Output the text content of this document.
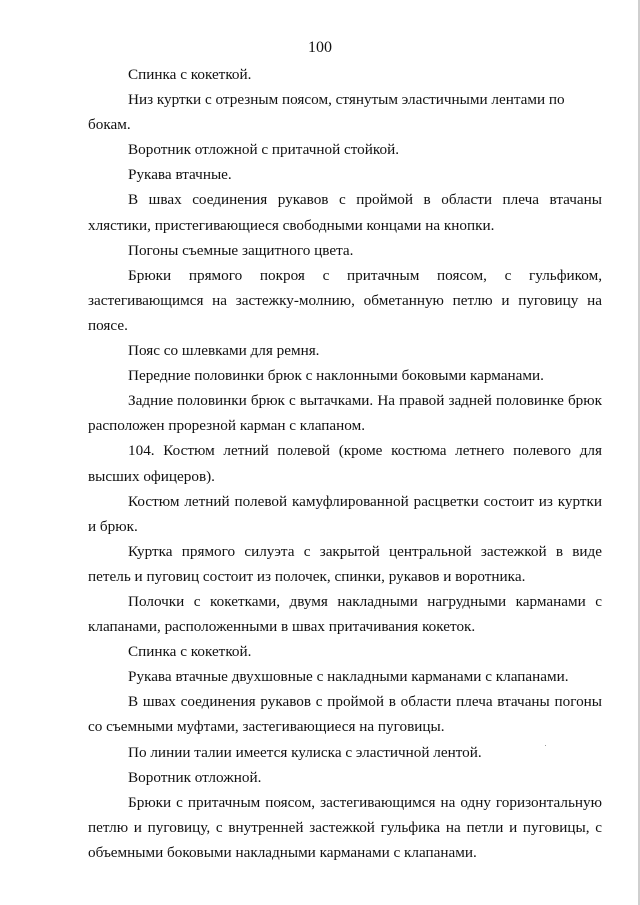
100

Спинка с кокеткой.

Низ куртки с отрезным поясом, стянутым эластичными лентами по бокам.

Воротник отложной с притачной стойкой.

Рукава втачные.

В швах соединения рукавов с проймой в области плеча втачаны хлястики, пристегивающиеся свободными концами на кнопки.

Погоны съемные защитного цвета.

Брюки прямого покроя с притачным поясом, с гульфиком, застегивающимся на застежку-молнию, обметанную петлю и пуговицу на поясе.

Пояс со шлевками для ремня.

Передние половинки брюк с наклонными боковыми карманами.

Задние половинки брюк с вытачками. На правой задней половинке брюк расположен прорезной карман с клапаном.

104. Костюм летний полевой (кроме костюма летнего полевого для высших офицеров).

Костюм летний полевой камуфлированной расцветки состоит из куртки и брюк.

Куртка прямого силуэта с закрытой центральной застежкой в виде петель и пуговиц состоит из полочек, спинки, рукавов и воротника.

Полочки с кокетками, двумя накладными нагрудными карманами с клапанами, расположенными в швах притачивания кокеток.

Спинка с кокеткой.

Рукава втачные двухшовные с накладными карманами с клапанами.

В швах соединения рукавов с проймой в области плеча втачаны погоны со съемными муфтами, застегивающиеся на пуговицы.

По линии талии имеется кулиска с эластичной лентой.

Воротник отложной.

Брюки с притачным поясом, застегивающимся на одну горизонтальную петлю и пуговицу, с внутренней застежкой гульфика на петли и пуговицы, с объемными боковыми накладными карманами с клапанами.
